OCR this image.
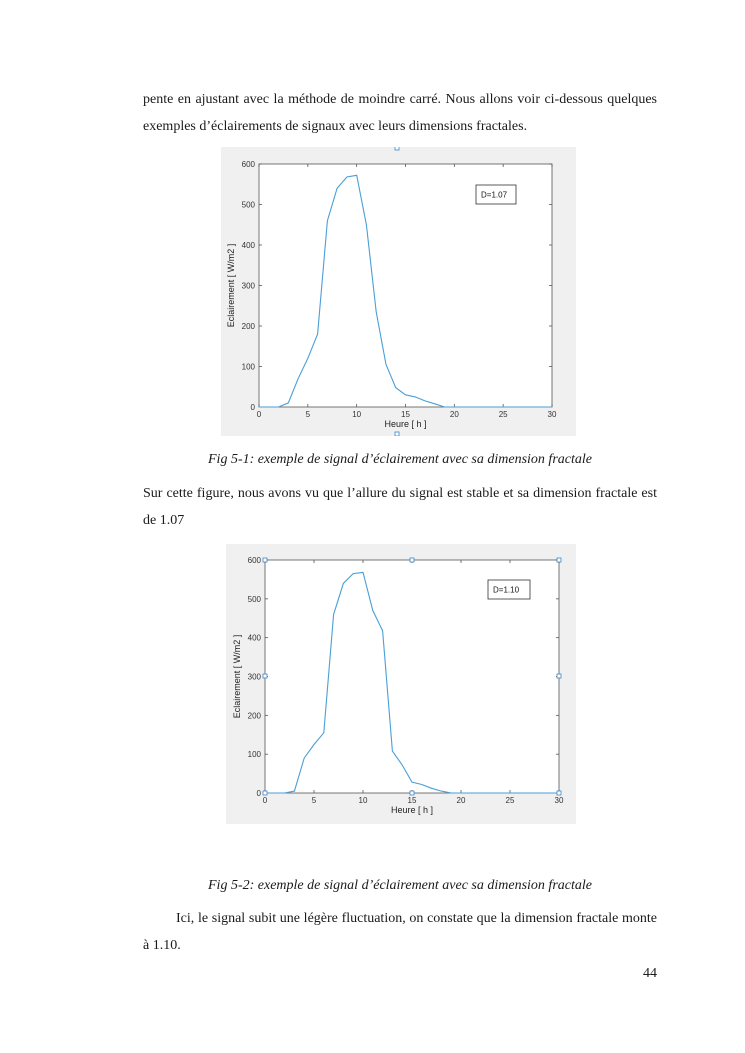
pente en ajustant avec la méthode de moindre carré. Nous allons voir ci-dessous quelques exemples d’éclairements de signaux avec leurs dimensions fractales.
0	5	10	15	20	25	30
0
100
200
300
400
500
600
Heure [ h ]
Eclairement [ W/m2 ]
D=1.07
Fig 5-1: exemple de signal d’éclairement avec sa dimension fractale
Sur cette figure, nous avons vu que l’allure du signal est stable et sa dimension fractale est de 1.07
0	5	10	15	20	25	30
0
100
200
300
400
500
600
Heure [ h ]
Eclairement [ W/m2 ]
D=1.10
Fig 5-2: exemple de signal d’éclairement avec sa dimension fractale
Ici, le signal subit une légère fluctuation, on constate que la dimension fractale monte à 1.10.
44
